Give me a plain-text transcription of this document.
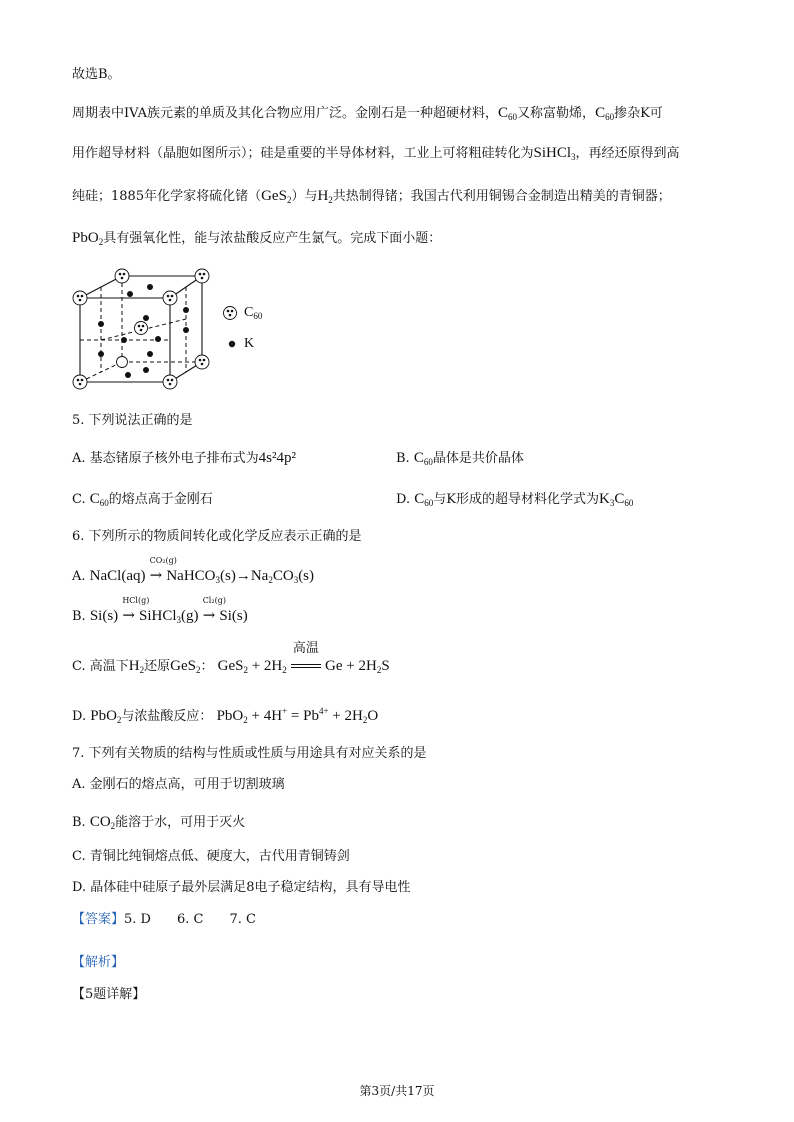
故选B。
周期表中IVA族元素的单质及其化合物应用广泛。金刚石是一种超硬材料，$C_{60}$又称富勒烯，$C_{60}$掺杂K可
用作超导材料（晶胞如图所示）；硅是重要的半导体材料，工业上可将粗硅转化为SiHCl$_3$，再经还原得到高
纯硅；1885年化学家将硫化锗（GeS$_2$）与$H_2$共热制得锗；我国古代利用铜锡合金制造出精美的青铜器；
PbO$_2$具有强氧化性，能与浓盐酸反应产生氯气。完成下面小题：
$C_{60}$
K
5. 下列说法正确的是
A. 基态锗原子核外电子排布式为4s²4p²	B. $C_{60}$晶体是共价晶体
C. $C_{60}$的熔点高于金刚石	D. $C_{60}$与K形成的超导材料化学式为$K_3C_{60}$
6. 下列所示的物质间转化或化学反应表示正确的是
A. NaCl(aq)
CO₂(g)
→ $NaHCO_3(s)\to Na_2CO_3(s)$
B. Si(s)
HCl(g)
→ SiHCl$_3$(g)
Cl₂(g)
→ Si(s)
C. 高温下$H_2$还原GeS$_2$： $GeS_2 + 2H_2$
高温
$Ge + 2H_2S$
D. PbO$_2$与浓盐酸反应： $PbO_2 + 4H^+ = Pb^{4+} + 2H_2O$
7. 下列有关物质的结构与性质或性质与用途具有对应关系的是
A. 金刚石的熔点高，可用于切割玻璃
B. $CO_2$能溶于水，可用于灭火
C. 青铜比纯铜熔点低、硬度大，古代用青铜铸剑
D. 晶体硅中硅原子最外层满足8电子稳定结构，具有导电性
【答案】5. D　　6. C　　7. C
【解析】
【5题详解】
第3页/共17页
